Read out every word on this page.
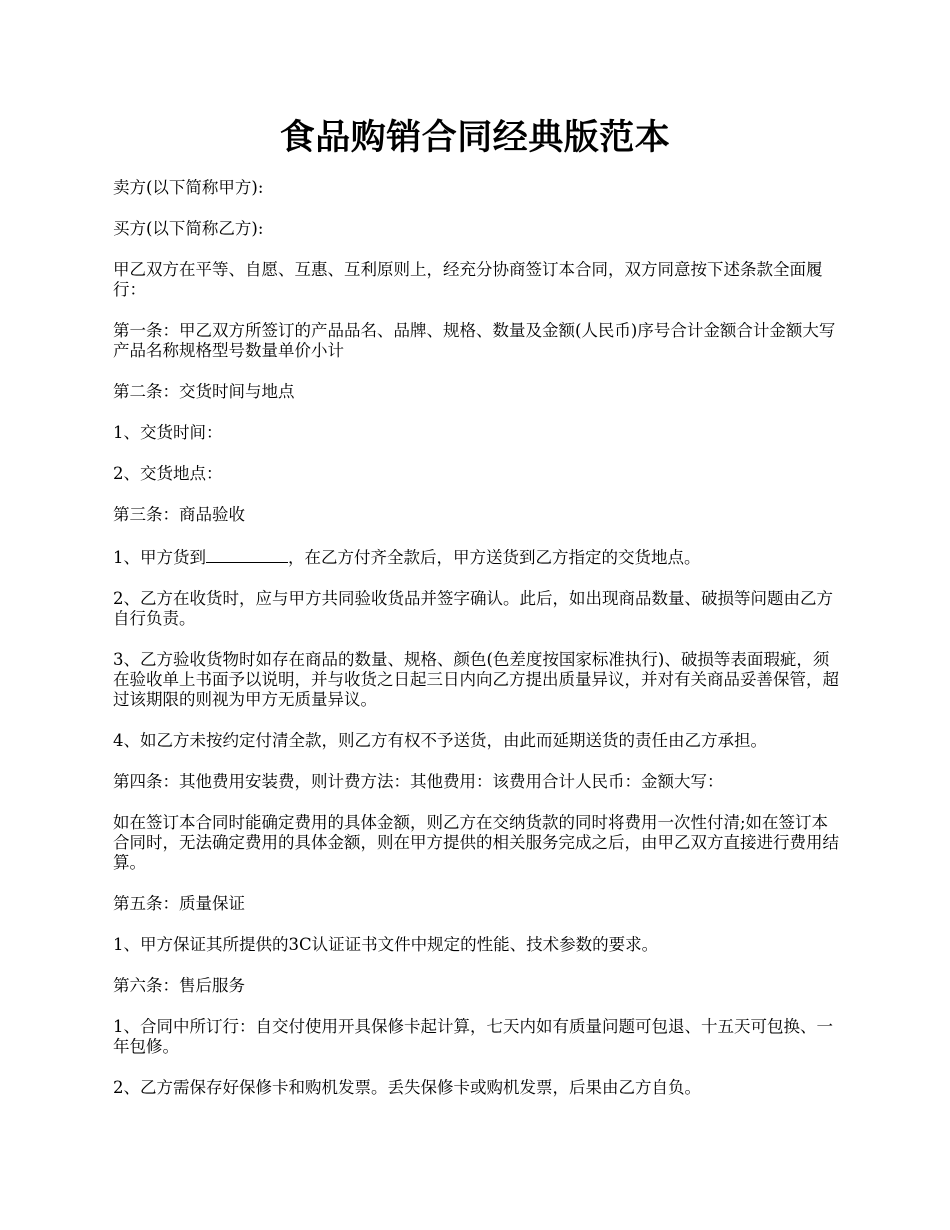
食品购销合同经典版范本

卖方(以下简称甲方):

买方(以下简称乙方):

甲乙双方在平等、自愿、互惠、互利原则上，经充分协商签订本合同，双方同意按下述条款全面履行：

第一条：甲乙双方所签订的产品品名、品牌、规格、数量及金额(人民币)序号合计金额合计金额大写产品名称规格型号数量单价小计

第二条：交货时间与地点

1、交货时间：

2、交货地点：

第三条：商品验收

1、甲方货到	，在乙方付齐全款后，甲方送货到乙方指定的交货地点。

2、乙方在收货时，应与甲方共同验收货品并签字确认。此后，如出现商品数量、破损等问题由乙方自行负责。

3、乙方验收货物时如存在商品的数量、规格、颜色(色差度按国家标准执行)、破损等表面瑕疵，须在验收单上书面予以说明，并与收货之日起三日内向乙方提出质量异议，并对有关商品妥善保管，超过该期限的则视为甲方无质量异议。

4、如乙方未按约定付清全款，则乙方有权不予送货，由此而延期送货的责任由乙方承担。

第四条：其他费用安装费，则计费方法：其他费用：该费用合计人民币：金额大写：

如在签订本合同时能确定费用的具体金额，则乙方在交纳货款的同时将费用一次性付清;如在签订本合同时，无法确定费用的具体金额，则在甲方提供的相关服务完成之后，由甲乙双方直接进行费用结算。

第五条：质量保证

1、甲方保证其所提供的3C认证证书文件中规定的性能、技术参数的要求。

第六条：售后服务

1、合同中所订行：自交付使用开具保修卡起计算，七天内如有质量问题可包退、十五天可包换、一年包修。

2、乙方需保存好保修卡和购机发票。丢失保修卡或购机发票，后果由乙方自负。
